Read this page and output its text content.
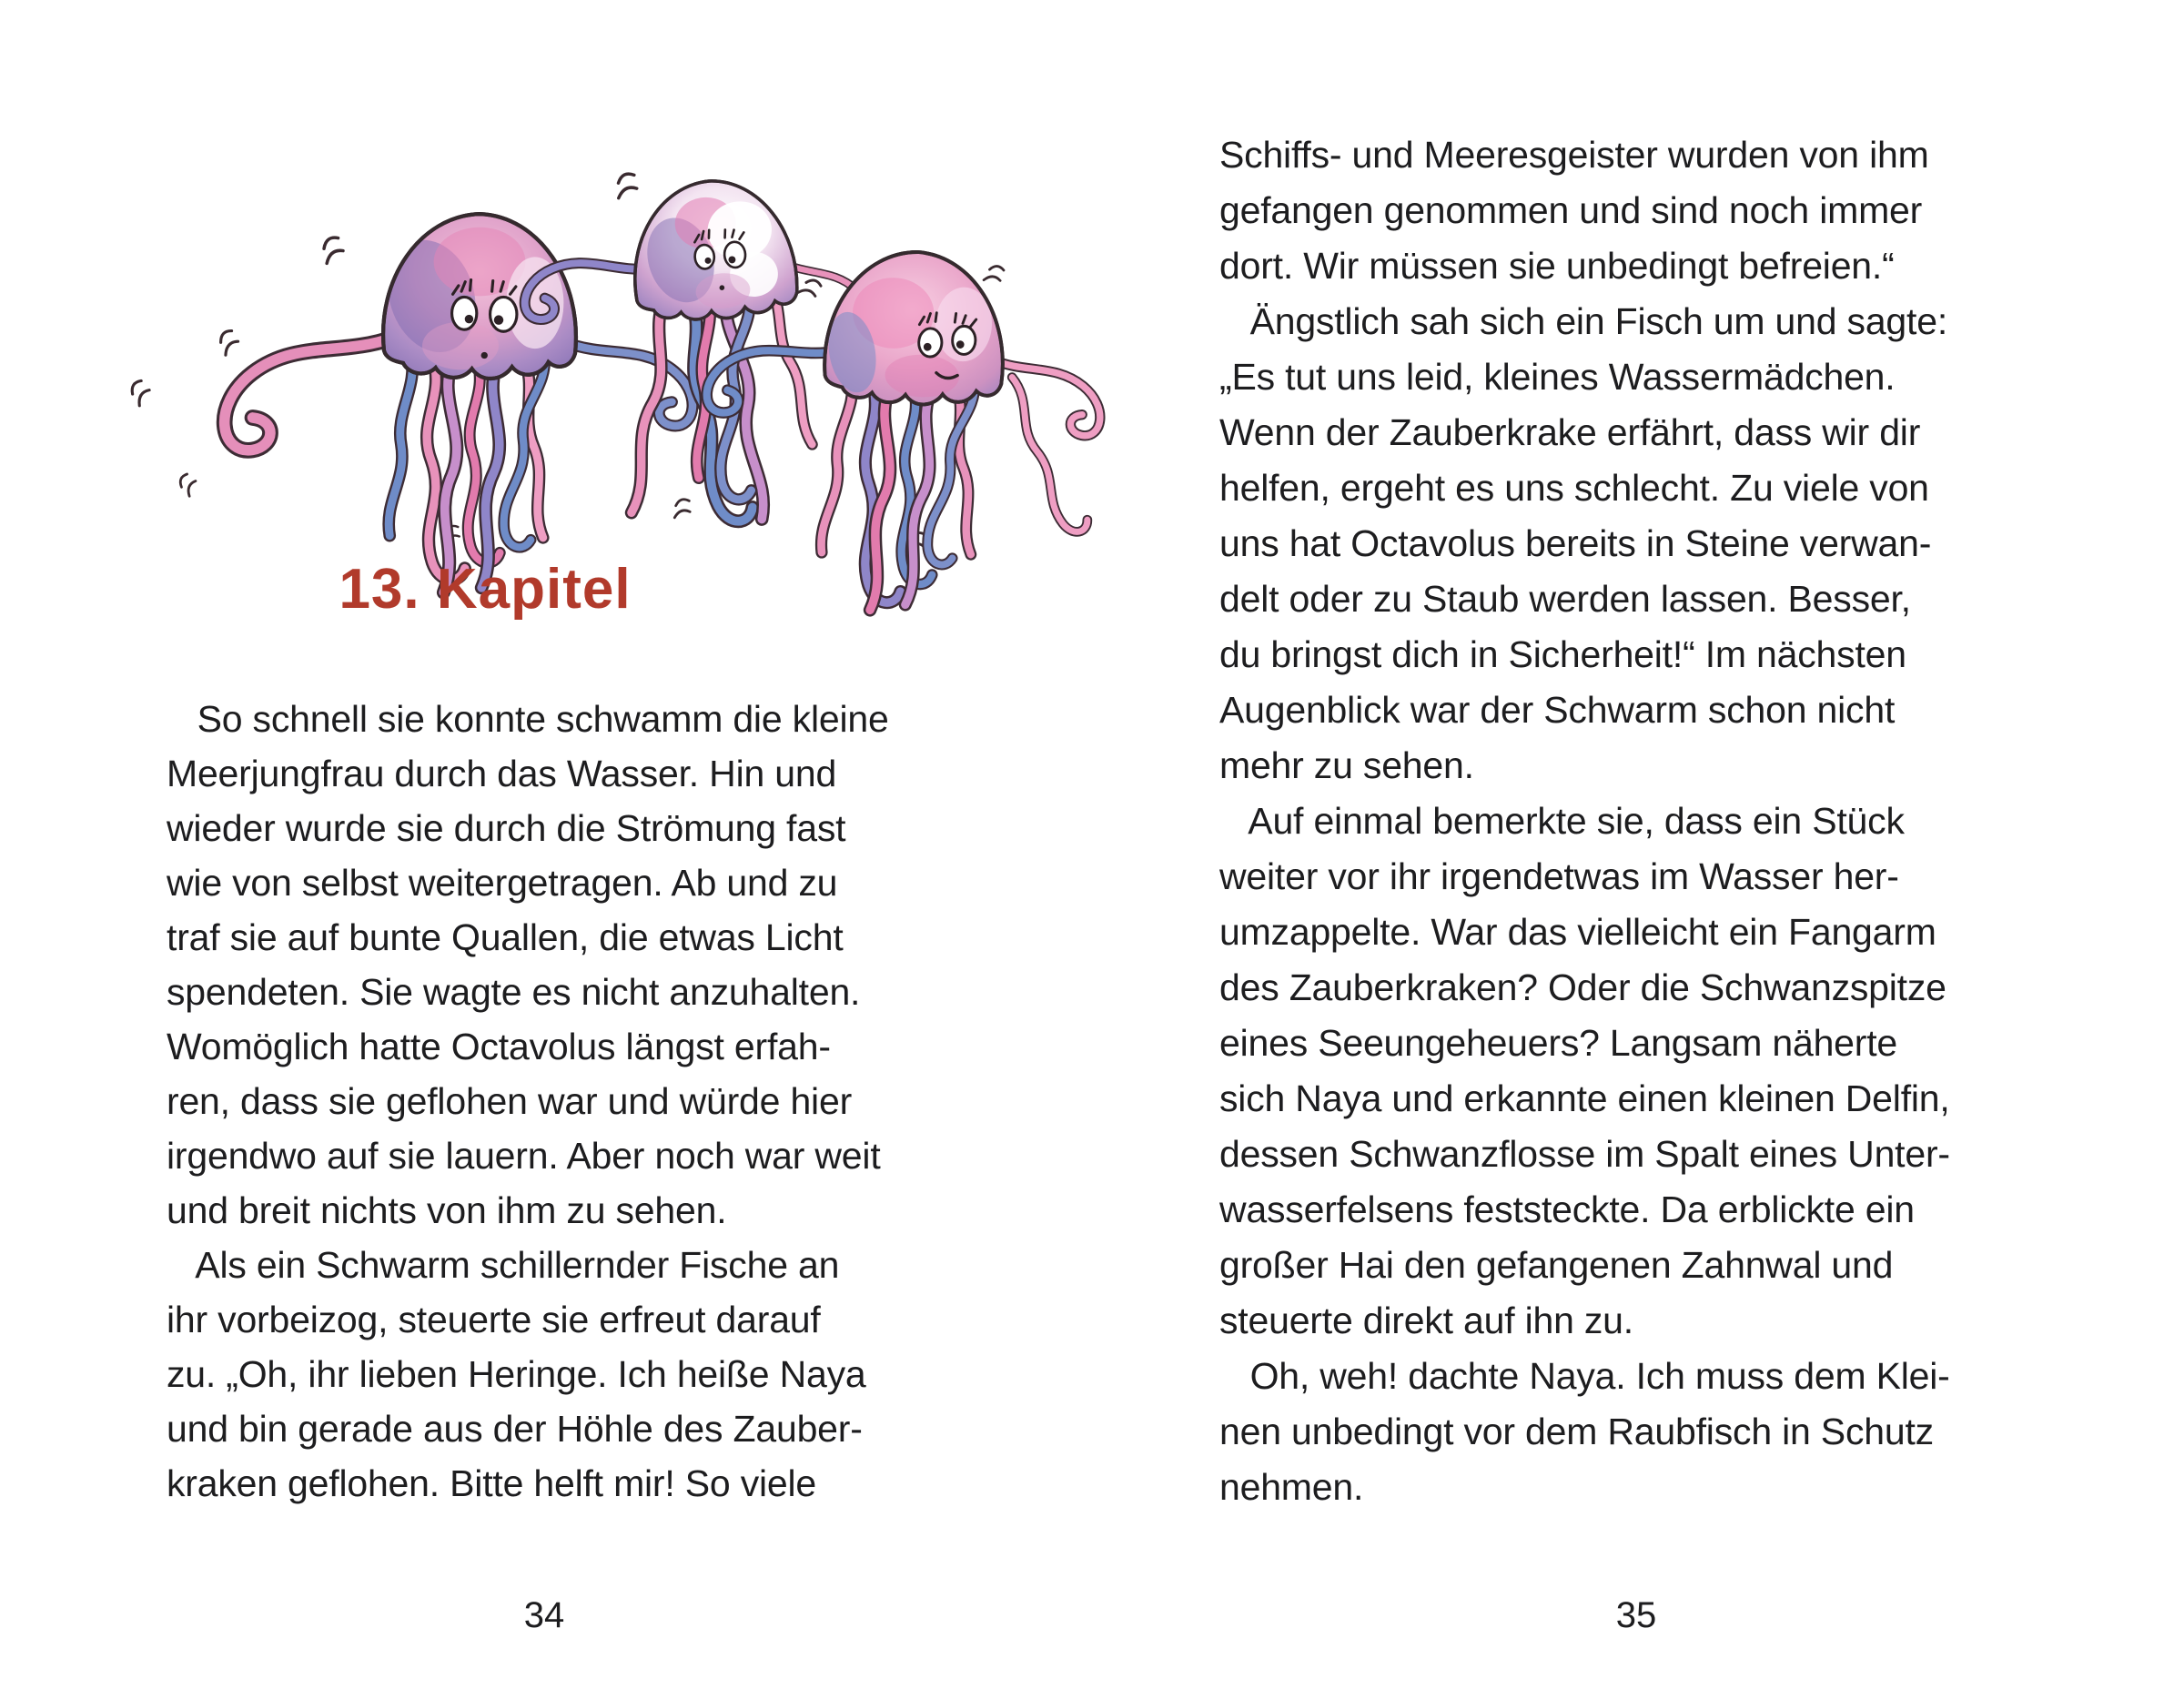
13. Kapitel
So schnell sie konnte schwamm die kleine
Meerjungfrau durch das Wasser. Hin und
wieder wurde sie durch die Strömung fast
wie von selbst weitergetragen. Ab und zu
traf sie auf bunte Quallen, die etwas Licht
spendeten. Sie wagte es nicht anzuhalten.
Womöglich hatte Octavolus längst erfah-
ren, dass sie geflohen war und würde hier
irgendwo auf sie lauern. Aber noch war weit
und breit nichts von ihm zu sehen.
Als ein Schwarm schillernder Fische an
ihr vorbeizog, steuerte sie erfreut darauf
zu. „Oh, ihr lieben Heringe. Ich heiße Naya
und bin gerade aus der Höhle des Zauber-
kraken geflohen. Bitte helft mir! So viele
Schiffs- und Meeresgeister wurden von ihm
gefangen genommen und sind noch immer
dort. Wir müssen sie unbedingt befreien.“
Ängstlich sah sich ein Fisch um und sagte:
„Es tut uns leid, kleines Wassermädchen.
Wenn der Zauberkrake erfährt, dass wir dir
helfen, ergeht es uns schlecht. Zu viele von
uns hat Octavolus bereits in Steine verwan-
delt oder zu Staub werden lassen. Besser,
du bringst dich in Sicherheit!“ Im nächsten
Augenblick war der Schwarm schon nicht
mehr zu sehen.
Auf einmal bemerkte sie, dass ein Stück
weiter vor ihr irgendetwas im Wasser her-
umzappelte. War das vielleicht ein Fangarm
des Zauberkraken? Oder die Schwanzspitze
eines Seeungeheuers? Langsam näherte
sich Naya und erkannte einen kleinen Delfin,
dessen Schwanzflosse im Spalt eines Unter-
wasserfelsens feststeckte. Da erblickte ein
großer Hai den gefangenen Zahnwal und
steuerte direkt auf ihn zu.
Oh, weh! dachte Naya. Ich muss dem Klei-
nen unbedingt vor dem Raubfisch in Schutz
nehmen.
34	35
